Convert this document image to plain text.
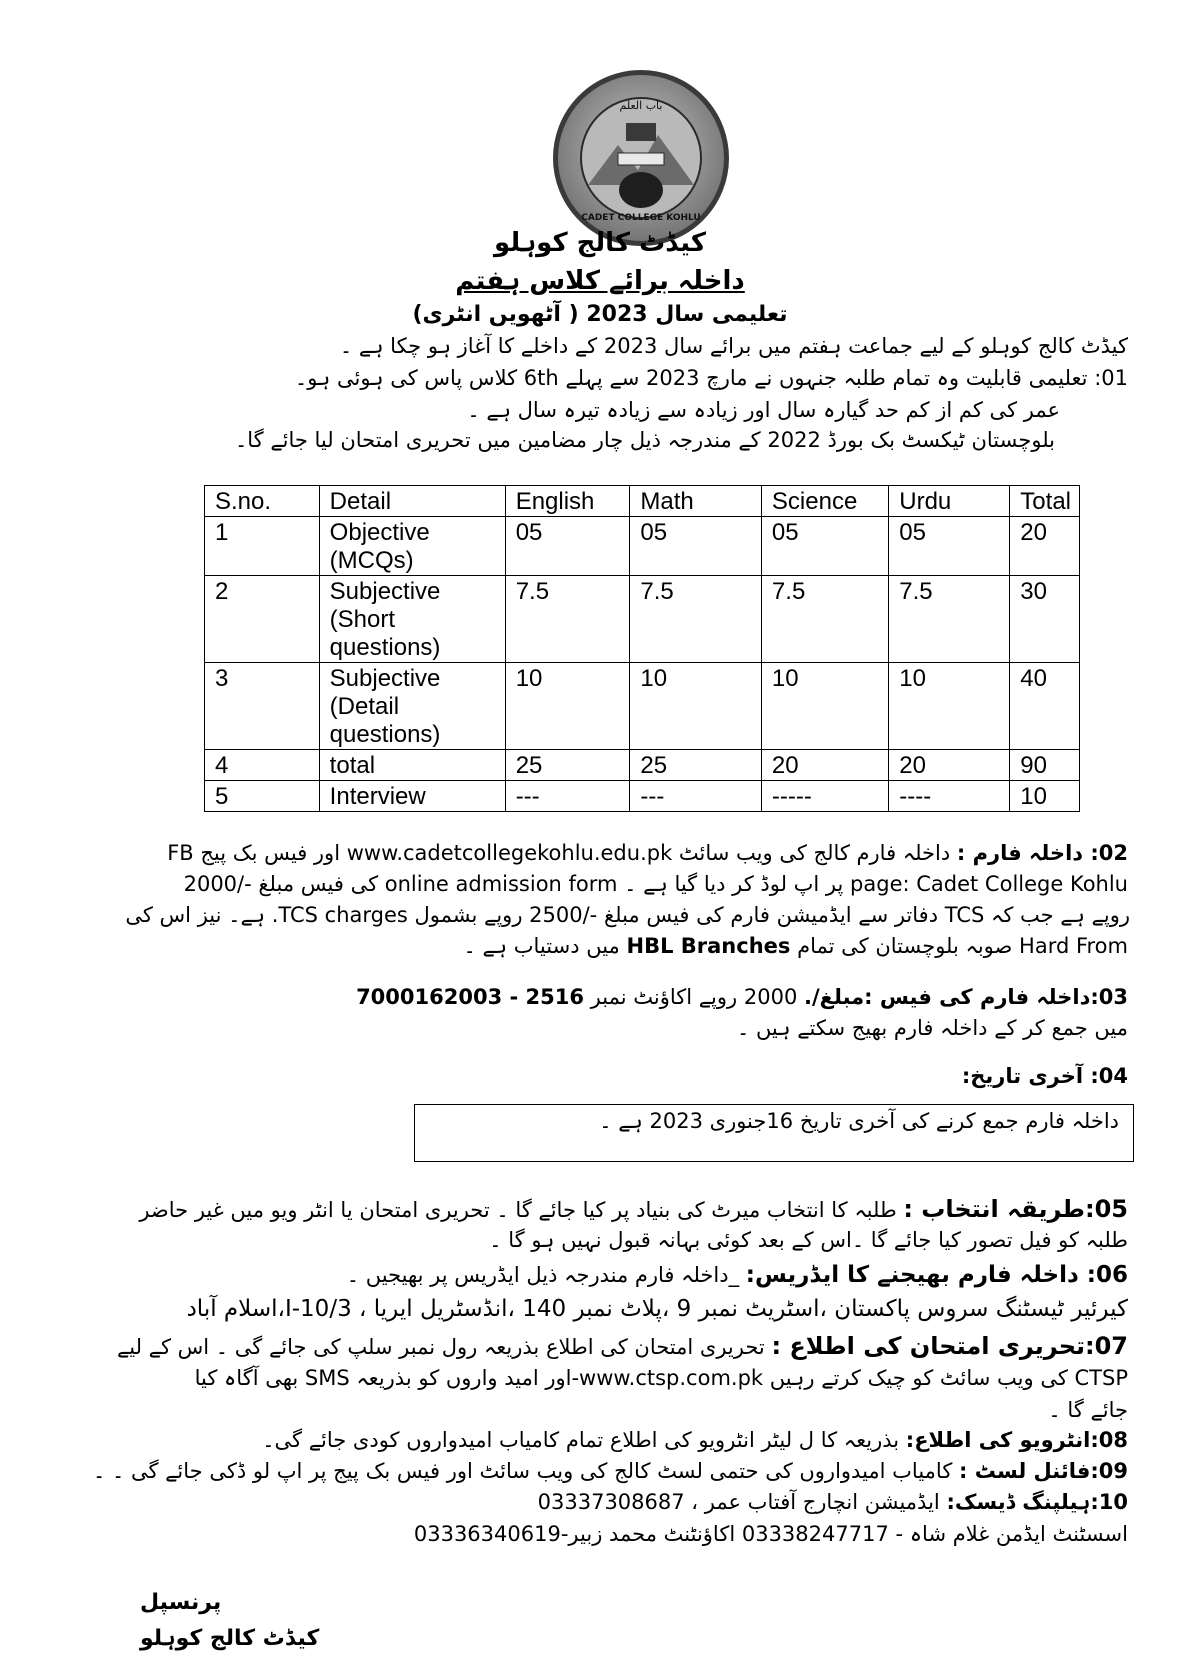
باب العلم
CADET COLLEGE KOHLU
کیڈٹ کالج کوہلو
داخلہ برائے کلاس ہفتم
تعلیمی سال 2023 ( آٹھویں انٹری)
کیڈٹ کالج کوہلو کے لیے جماعت ہفتم میں برائے سال 2023 کے داخلے کا آغاز ہو چکا ہے ۔
01: تعلیمی قابلیت وہ تمام طلبہ جنہوں نے مارچ 2023 سے پہلے 6th کلاس پاس کی ہوئی ہو۔
عمر کی کم از کم حد گیارہ سال اور زیادہ سے زیادہ تیرہ سال ہے ۔
بلوچستان ٹیکسٹ بک بورڈ 2022 کے مندرجہ ذیل چار مضامین میں تحریری امتحان لیا جائے گا۔
S.no.	Detail	English	Math	Science	Urdu	Total
1	Objective (MCQs)	05	05	05	05	20
2	Subjective (Short questions)	7.5	7.5	7.5	7.5	30
3	Subjective (Detail questions)	10	10	10	10	40
4	total	25	25	20	20	90
5	Interview	---	---	-----	----	10
02: داخلہ فارم : داخلہ فارم کالج کی ویب سائٹ www.cadetcollegekohlu.edu.pk اور فیس بک پیج FB
page: Cadet College Kohlu پر اپ لوڈ کر دیا گیا ہے ۔ online admission form کی فیس مبلغ -/2000
روپے ہے جب کہ TCS دفاتر سے ایڈمیشن فارم کی فیس مبلغ -/2500 روپے بشمول TCS charges. ہے۔ نیز اس کی
Hard From صوبہ بلوچستان کی تمام HBL Branches میں دستیاب ہے ۔
03:داخلہ فارم کی فیس :مبلغ/. 2000 روپے اکاؤنٹ نمبر 7000162003 - 2516
میں جمع کر کے داخلہ فارم بھیج سکتے ہیں ۔
04: آخری تاریخ:
داخلہ فارم جمع کرنے کی آخری تاریخ 16جنوری 2023 ہے ۔
05:طریقہ انتخاب : طلبہ کا انتخاب میرٹ کی بنیاد پر کیا جائے گا ۔ تحریری امتحان یا انٹر ویو میں غیر حاضر
طلبہ کو فیل تصور کیا جائے گا ۔اس کے بعد کوئی بہانہ قبول نہیں ہو گا ۔
06: داخلہ فارم بھیجنے کا ایڈریس: _داخلہ فارم مندرجہ ذیل ایڈریس پر بھیجیں ۔
کیرئیر ٹیسٹنگ سروس پاکستان ،اسٹریٹ نمبر 9 ،پلاٹ نمبر 140 ،انڈسٹریل ایریا ، I-10/3،اسلام آباد
07:تحریری امتحان کی اطلاع : تحریری امتحان کی اطلاع بذریعہ رول نمبر سلپ کی جائے گی ۔ اس کے لیے
CTSP کی ویب سائٹ کو چیک کرتے رہیں www.ctsp.com.pk-اور امید واروں کو بذریعہ SMS بھی آگاہ کیا
جائے گا ۔
08:انٹرویو کی اطلاع: بذریعہ کا ل لیٹر انٹرویو کی اطلاع تمام کامیاب امیدواروں کودی جائے گی۔
09:فائنل لسٹ : کامیاب امیدواروں کی حتمی لسٹ کالج کی ویب سائٹ اور فیس بک پیج پر اپ لو ڈکی جائے گی ۔ ۔
10:ہیلپنگ ڈیسک: ایڈمیشن انچارج آفتاب عمر ، 03337308687
اسسٹنٹ ایڈمن غلام شاہ - 03338247717 اکاؤنٹنٹ محمد زبیر-03336340619
پرنسپل
کیڈٹ کالج کوہلو
